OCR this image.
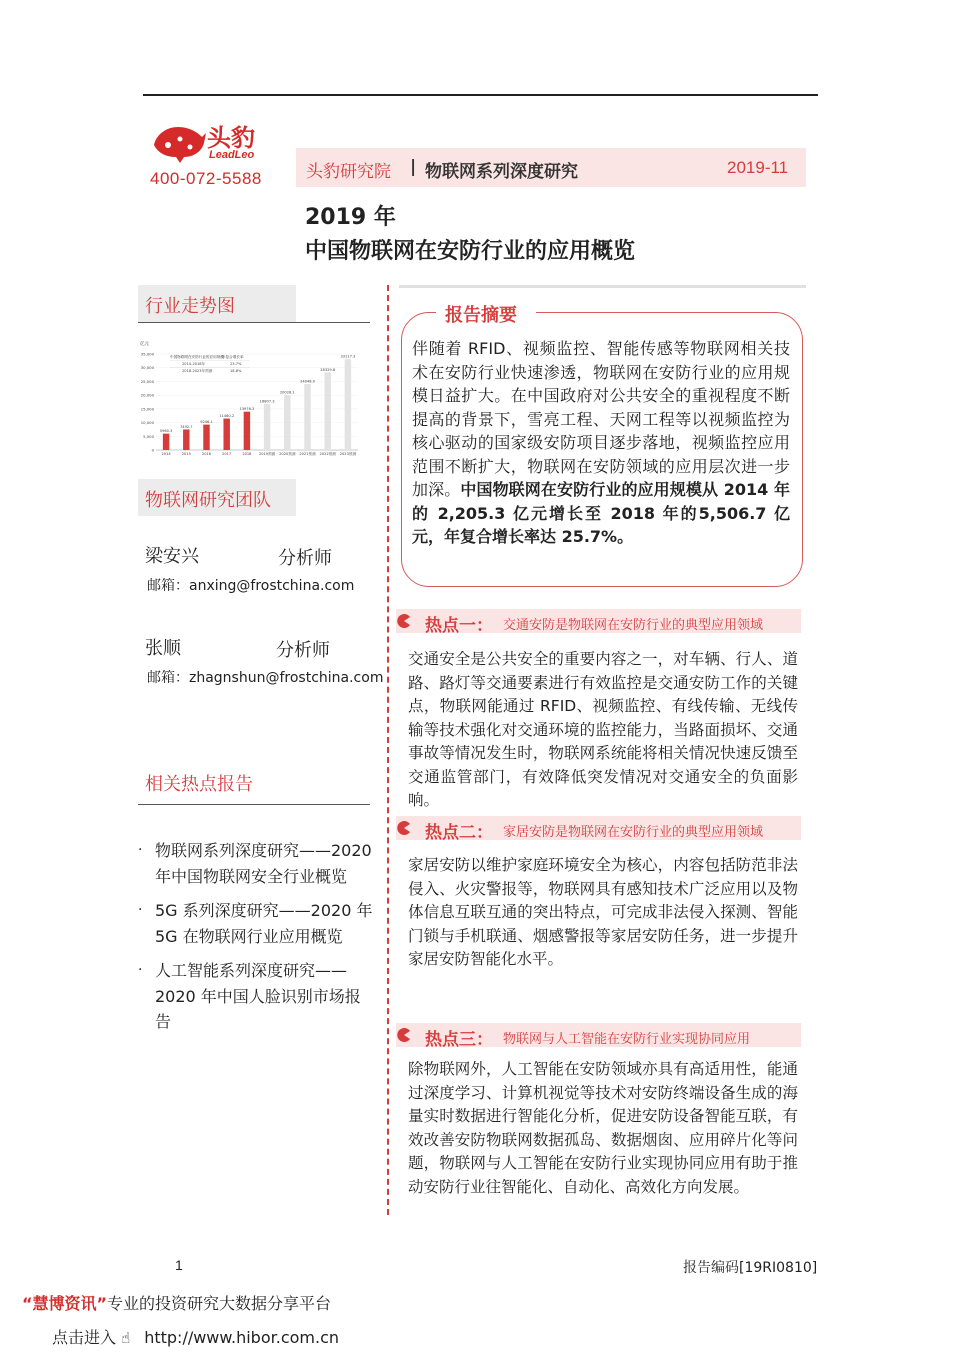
头豹
LeadLeo
400-072-5588	头豹研究院 | 物联网系列深度研究	2019-11
2019 年
中国物联网在安防行业的应用概览
行业走势图
亿元
35,000
30,000
25,000
20,000
15,000
10,000
5,000
0
5960.3
2014
7492.7
2015
9246.1
2016
11460.2
2017
13976.3
2018
16807.3
2019预测
20028.1
2020预测
24048.9
2021预测
28329.8
2022预测
33117.3
2023预测
中国物联网在安防行业的应用规模
年复合增长率
2014-2018年	23.7%
2018-2023年预测	18.8%
物联网研究团队
梁安兴	分析师
邮箱：anxing@frostchina.com
张顺	分析师
邮箱：zhagnshun@frostchina.com
相关热点报告
· 物联网系列深度研究——2020 年中国物联网安全行业概览
· 5G 系列深度研究——2020 年5G 在物联网行业应用概览
· 人工智能系列深度研究——2020 年中国人脸识别市场报告
报告摘要
伴随着 RFID、视频监控、智能传感等物联网相关技术在安防行业快速渗透，物联网在安防行业的应用规模日益扩大。在中国政府对公共安全的重视程度不断提高的背景下，雪亮工程、天网工程等以视频监控为核心驱动的国家级安防项目逐步落地，视频监控应用范围不断扩大，物联网在安防领域的应用层次进一步加深。中国物联网在安防行业的应用规模从 2014 年的 2,205.3 亿元增长至 2018 年的5,506.7 亿元，年复合增长率达 25.7%。
热点一： 交通安防是物联网在安防行业的典型应用领域
交通安全是公共安全的重要内容之一，对车辆、行人、道路、路灯等交通要素进行有效监控是交通安防工作的关键点，物联网能通过 RFID、视频监控、有线传输、无线传输等技术强化对交通环境的监控能力，当路面损坏、交通事故等情况发生时，物联网系统能将相关情况快速反馈至交通监管部门，有效降低突发情况对交通安全的负面影响。
热点二： 家居安防是物联网在安防行业的典型应用领域
家居安防以维护家庭环境安全为核心，内容包括防范非法侵入、火灾警报等，物联网具有感知技术广泛应用以及物体信息互联互通的突出特点，可完成非法侵入探测、智能门锁与手机联通、烟感警报等家居安防任务，进一步提升家居安防智能化水平。
热点三： 物联网与人工智能在安防行业实现协同应用
除物联网外，人工智能在安防领域亦具有高适用性，能通过深度学习、计算机视觉等技术对安防终端设备生成的海量实时数据进行智能化分析，促进安防设备智能互联，有效改善安防物联网数据孤岛、数据烟囱、应用碎片化等问题，物联网与人工智能在安防行业实现协同应用有助于推动安防行业往智能化、自动化、高效化方向发展。
1	报告编码[19RI0810]
“慧博资讯”专业的投资研究大数据分享平台
点击进入 ☝ http://www.hibor.com.cn
